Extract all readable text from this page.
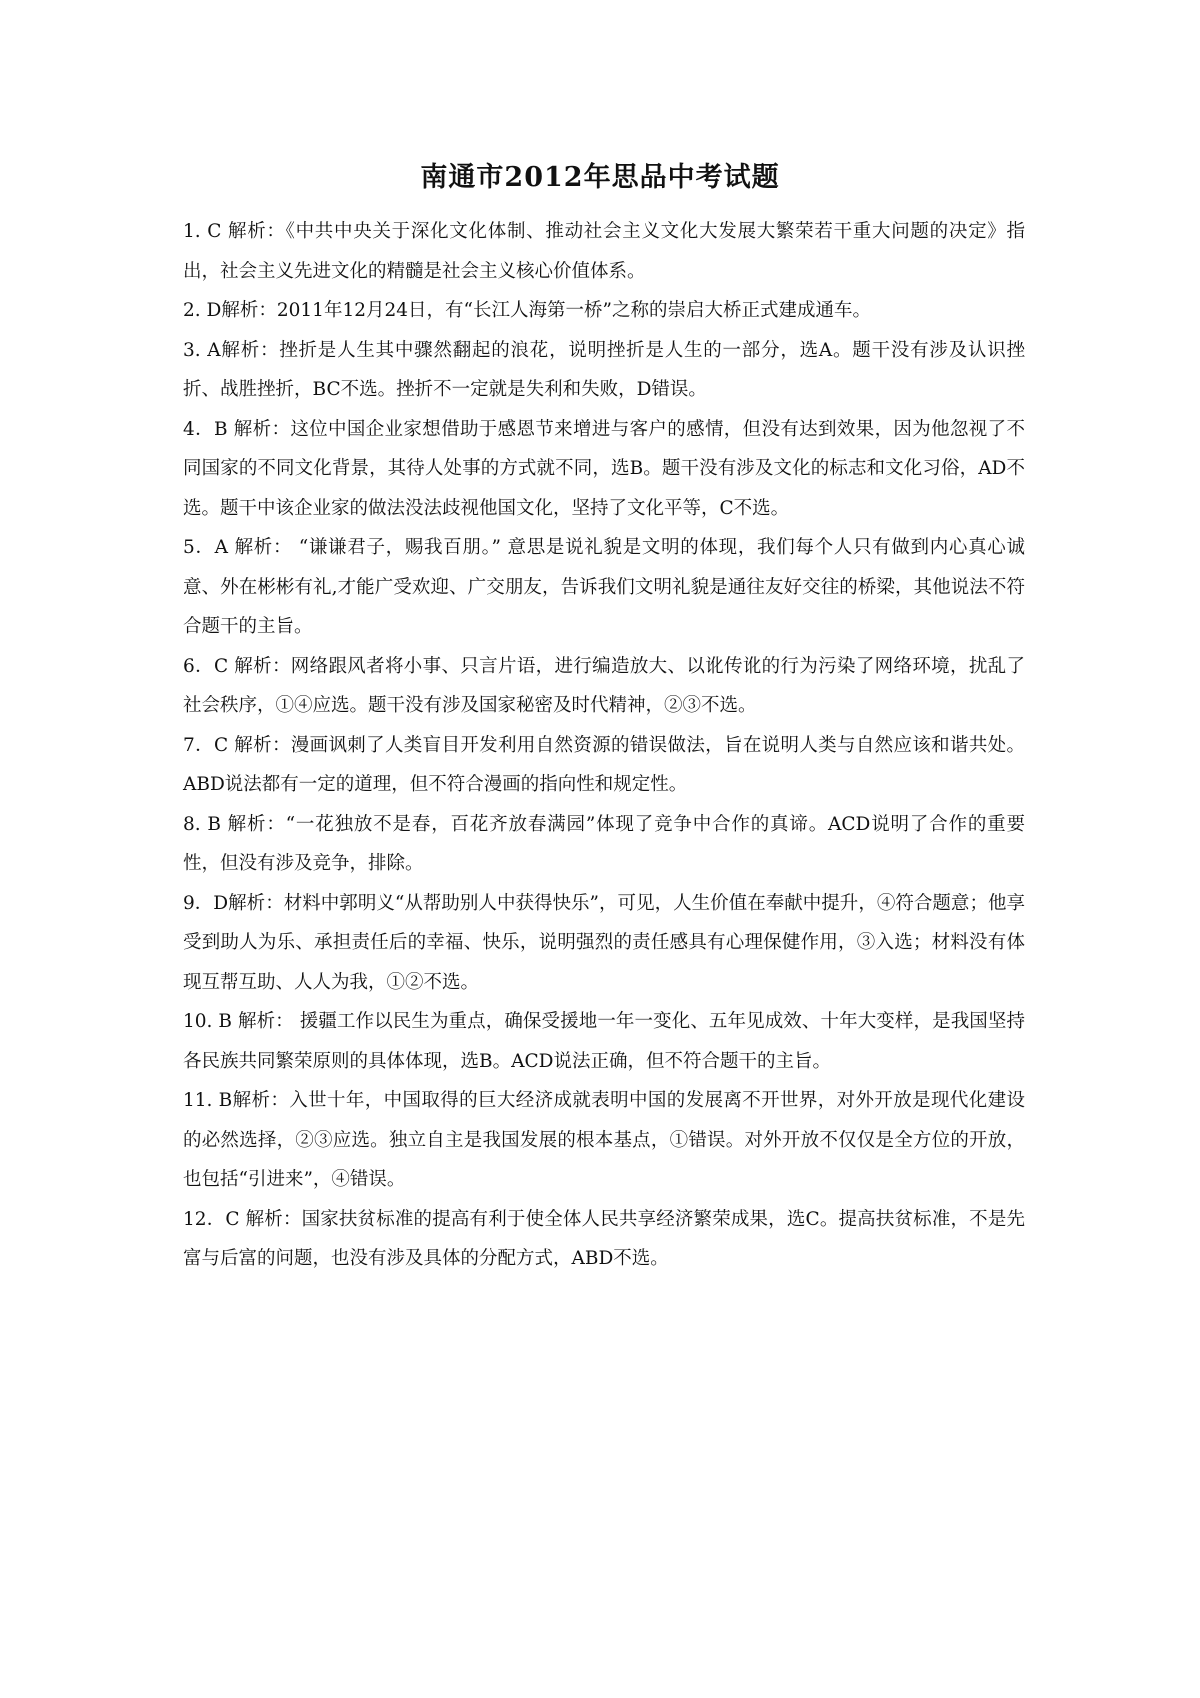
南通市2012年思品中考试题

1. C 解析：《中共中央关于深化文化体制、推动社会主义文化大发展大繁荣若干重大问题的决定》指出，社会主义先进文化的精髓是社会主义核心价值体系。

2. D解析：2011年12月24日，有“长江人海第一桥”之称的崇启大桥正式建成通车。

3. A解析：挫折是人生其中骤然翻起的浪花，说明挫折是人生的一部分，选A。题干没有涉及认识挫折、战胜挫折，BC不选。挫折不一定就是失利和失败，D错误。

4．B 解析：这位中国企业家想借助于感恩节来增进与客户的感情，但没有达到效果，因为他忽视了不同国家的不同文化背景，其待人处事的方式就不同，选B。题干没有涉及文化的标志和文化习俗，AD不选。题干中该企业家的做法没法歧视他国文化，坚持了文化平等，C不选。

5．A 解析： “谦谦君子，赐我百朋。” 意思是说礼貌是文明的体现，我们每个人只有做到内心真心诚意、外在彬彬有礼,才能广受欢迎、广交朋友，告诉我们文明礼貌是通往友好交往的桥梁，其他说法不符合题干的主旨。

6．C 解析：网络跟风者将小事、只言片语，进行编造放大、以讹传讹的行为污染了网络环境，扰乱了社会秩序，①④应选。题干没有涉及国家秘密及时代精神，②③不选。

7．C 解析：漫画讽刺了人类盲目开发利用自然资源的错误做法，旨在说明人类与自然应该和谐共处。ABD说法都有一定的道理，但不符合漫画的指向性和规定性。

8. B 解析：“一花独放不是春，百花齐放春满园”体现了竞争中合作的真谛。ACD说明了合作的重要性，但没有涉及竞争，排除。

9．D解析：材料中郭明义“从帮助别人中获得快乐”，可见，人生价值在奉献中提升，④符合题意；他享受到助人为乐、承担责任后的幸福、快乐，说明强烈的责任感具有心理保健作用，③入选；材料没有体现互帮互助、人人为我，①②不选。

10. B 解析： 援疆工作以民生为重点，确保受援地一年一变化、五年见成效、十年大变样，是我国坚持各民族共同繁荣原则的具体体现，选B。ACD说法正确，但不符合题干的主旨。

11. B解析：入世十年，中国取得的巨大经济成就表明中国的发展离不开世界，对外开放是现代化建设的必然选择，②③应选。独立自主是我国发展的根本基点，①错误。对外开放不仅仅是全方位的开放，也包括“引进来”，④错误。

12．C 解析：国家扶贫标准的提高有利于使全体人民共享经济繁荣成果，选C。提高扶贫标准，不是先富与后富的问题，也没有涉及具体的分配方式，ABD不选。
